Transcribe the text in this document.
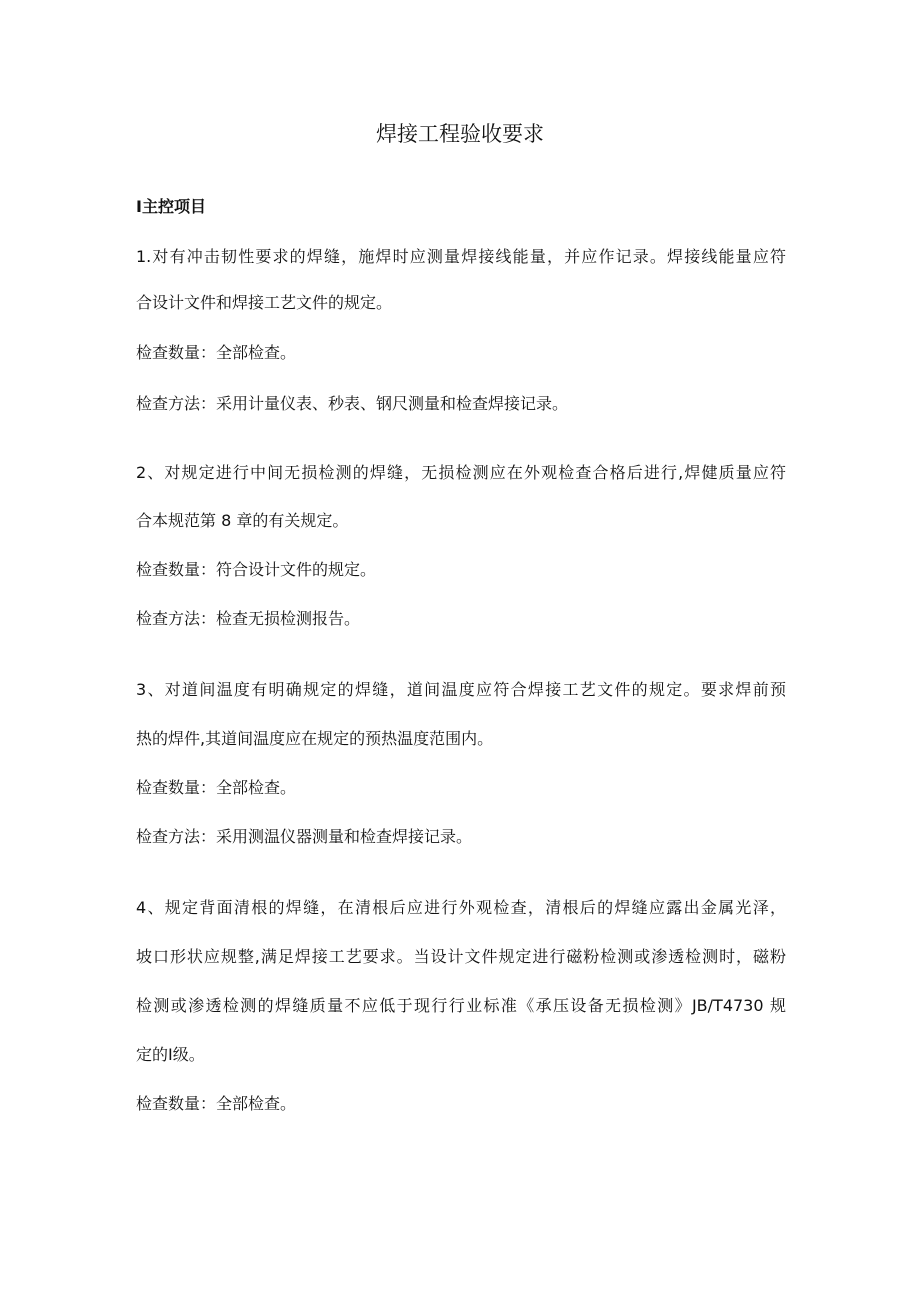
焊接工程验收要求

Ⅰ主控项目

1.对有冲击韧性要求的焊缝，施焊时应测量焊接线能量，并应作记录。焊接线能量应符

合设计文件和焊接工艺文件的规定。

检查数量：全部检查。

检查方法：采用计量仪表、秒表、钢尺测量和检查焊接记录。

2、对规定进行中间无损检测的焊缝，无损检测应在外观检查合格后进行,焊健质量应符

合本规范第 8 章的有关规定。

检查数量：符合设计文件的规定。

检查方法：检查无损检测报告。

3、对道间温度有明确规定的焊缝，道间温度应符合焊接工艺文件的规定。要求焊前预

热的焊件,其道间温度应在规定的预热温度范围内。

检查数量：全部检查。

检查方法：采用测温仪器测量和检查焊接记录。

4、规定背面清根的焊缝，在清根后应进行外观检查，清根后的焊缝应露出金属光泽，

坡口形状应规整,满足焊接工艺要求。当设计文件规定进行磁粉检测或渗透检测时，磁粉

检测或渗透检测的焊缝质量不应低于现行行业标准《承压设备无损检测》JB/T4730 规

定的Ⅰ级。

检查数量：全部检查。
